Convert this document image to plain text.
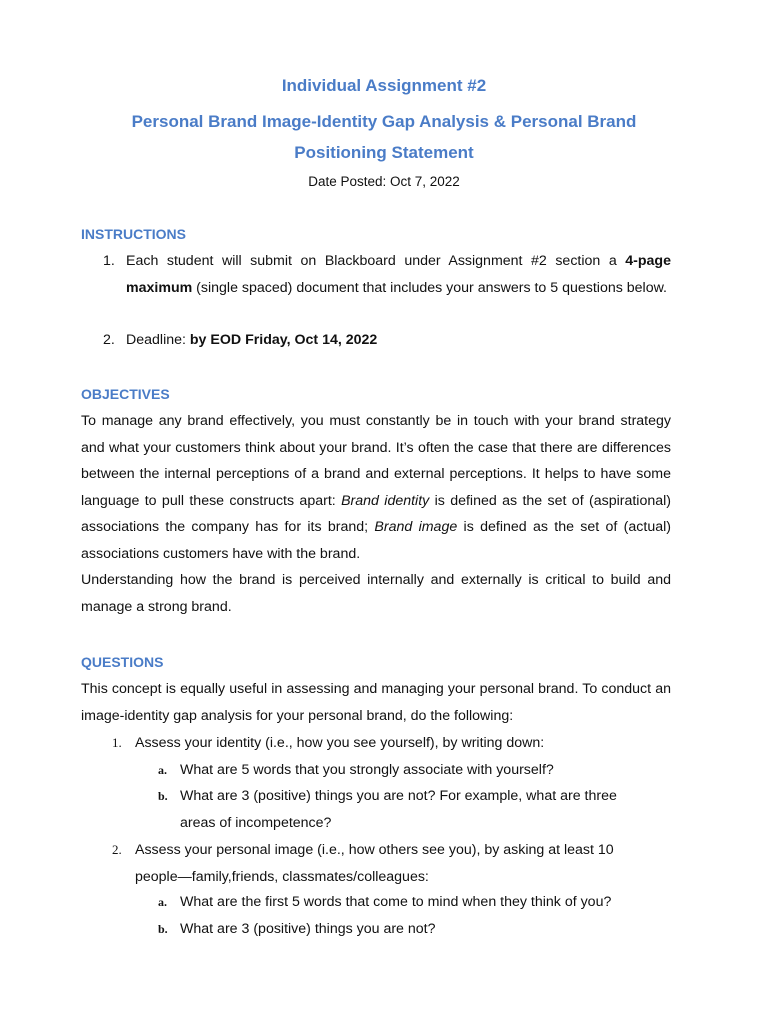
Individual Assignment #2
Personal Brand Image-Identity Gap Analysis & Personal Brand
Positioning Statement
Date Posted: Oct 7, 2022
INSTRUCTIONS
1. Each student will submit on Blackboard under Assignment #2 section a 4-page maximum (single spaced) document that includes your answers to 5 questions below.
2. Deadline: by EOD Friday, Oct 14, 2022
OBJECTIVES
To manage any brand effectively, you must constantly be in touch with your brand strategy and what your customers think about your brand. It’s often the case that there are differences between the internal perceptions of a brand and external perceptions. It helps to have some language to pull these constructs apart: Brand identity is defined as the set of (aspirational) associations the company has for its brand; Brand image is defined as the set of (actual) associations customers have with the brand.
Understanding how the brand is perceived internally and externally is critical to build and manage a strong brand.
QUESTIONS
This concept is equally useful in assessing and managing your personal brand. To conduct an image-identity gap analysis for your personal brand, do the following:
1. Assess your identity (i.e., how you see yourself), by writing down:
a. What are 5 words that you strongly associate with yourself?
b. What are 3 (positive) things you are not? For example, what are three areas of incompetence?
2. Assess your personal image (i.e., how others see you), by asking at least 10 people—family,friends, classmates/colleagues:
a. What are the first 5 words that come to mind when they think of you?
b. What are 3 (positive) things you are not?
